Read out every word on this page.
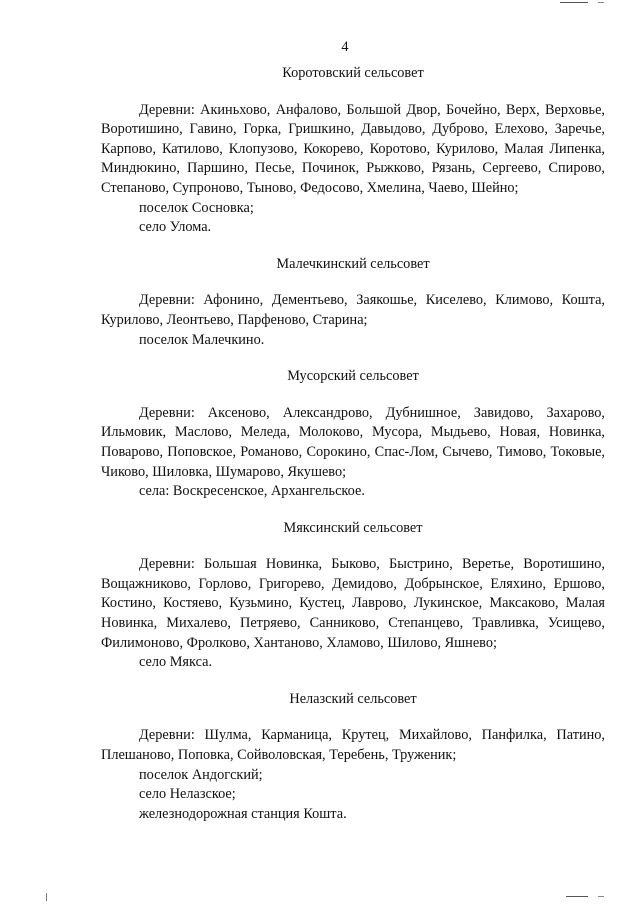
4

Коротовский сельсовет

Деревни: Акиньхово, Анфалово, Большой Двор, Бочейно, Верх, Верховье, Воротишино, Гавино, Горка, Гришкино, Давыдово, Дуброво, Елехово, Заречье, Карпово, Катилово, Клопузово, Кокорево, Коротово, Курилово, Малая Липенка, Миндюкино, Паршино, Песье, Починок, Рыжково, Рязань, Сергеево, Спирово, Степаново, Супроново, Тыново, Федосово, Хмелина, Чаево, Шейно;

поселок Сосновка;

село Улома.

Малечкинский сельсовет

Деревни: Афонино, Дементьево, Заякошье, Киселево, Климово, Кошта, Курилово, Леонтьево, Парфеново, Старина;

поселок Малечкино.

Мусорский сельсовет

Деревни: Аксеново, Александрово, Дубнишное, Завидово, Захарово, Ильмовик, Маслово, Меледа, Молоково, Мусора, Мыдьево, Новая, Новинка, Поварово, Поповское, Романово, Сорокино, Спас-Лом, Сычево, Тимово, Токовые, Чиково, Шиловка, Шумарово, Якушево;

села: Воскресенское, Архангельское.

Мяксинский сельсовет

Деревни: Большая Новинка, Быково, Быстрино, Веретье, Воротишино, Вощажниково, Горлово, Григорево, Демидово, Добрынское, Еляхино, Ершово, Костино, Костяево, Кузьмино, Кустец, Лаврово, Лукинское, Максаково, Малая Новинка, Михалево, Петряево, Санниково, Степанцево, Травливка, Усищево, Филимоново, Фролково, Хантаново, Хламово, Шилово, Яшнево;

село Мякса.

Нелазский сельсовет

Деревни: Шулма, Карманица, Крутец, Михайлово, Панфилка, Патино, Плешаново, Поповка, Сойволовская, Теребень, Труженик;

поселок Андогский;

село Нелазское;

железнодорожная станция Кошта.
